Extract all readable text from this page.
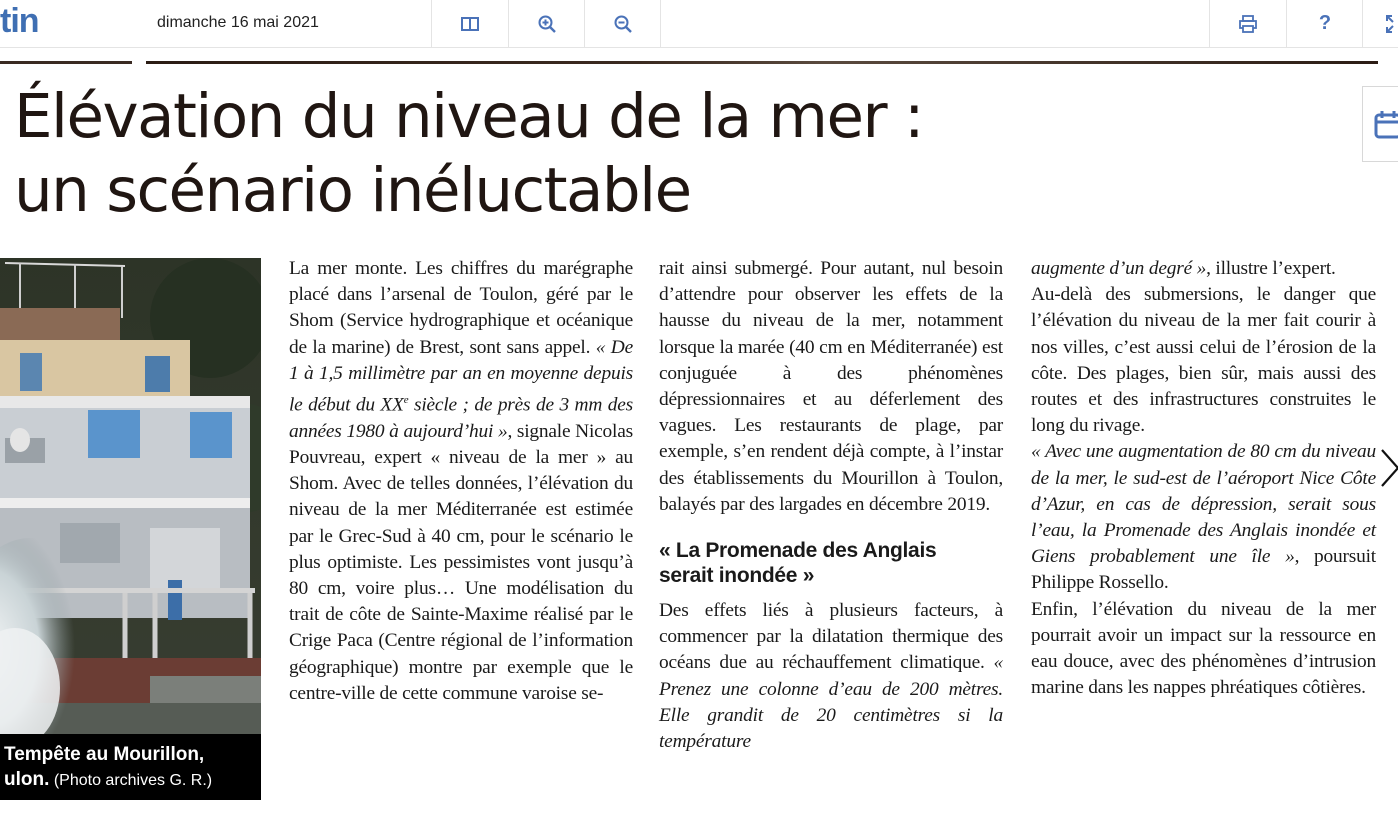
tin	dimanche 16 mai 2021	?
Élévation du niveau de la mer :
un scénario inéluctable
Tempête au Mourillon,
ulon. (Photo archives G. R.)

La mer monte. Les chiffres du marégraphe placé dans l’arsenal de Toulon, géré par le Shom (Service hydrographique et océanique de la marine) de Brest, sont sans appel. « De 1 à 1,5 millimètre par an en moyenne depuis le début du XXe siècle ; de près de 3 mm des années 1980 à aujourd’hui », signale Nicolas Pouvreau, expert « niveau de la mer » au Shom. Avec de telles données, l’élévation du niveau de la mer Méditerranée est estimée par le Grec-Sud à 40 cm, pour le scénario le plus optimiste. Les pessimistes vont jusqu’à 80 cm, voire plus… Une modélisation du trait de côte de Sainte-Maxime réalisé par le Crige Paca (Centre régional de l’information géographique) montre par exemple que le centre-ville de cette commune varoise se-

rait ainsi submergé. Pour autant, nul besoin d’attendre pour observer les effets de la hausse du niveau de la mer, notamment lorsque la marée (40 cm en Méditerranée) est conjuguée à des phénomènes dépressionnaires et au déferlement des vagues. Les restaurants de plage, par exemple, s’en rendent déjà compte, à l’instar des établissements du Mourillon à Toulon, balayés par des largades en décembre 2019.

« La Promenade des Anglais
serait inondée »

Des effets liés à plusieurs facteurs, à commencer par la dilatation thermique des océans due au réchauffement climatique. « Prenez une colonne d’eau de 200 mètres. Elle grandit de 20 centimètres si la température

augmente d’un degré », illustre l’expert.

Au-delà des submersions, le danger que l’élévation du niveau de la mer fait courir à nos villes, c’est aussi celui de l’érosion de la côte. Des plages, bien sûr, mais aussi des routes et des infrastructures construites le long du rivage.

« Avec une augmentation de 80 cm du niveau de la mer, le sud-est de l’aéroport Nice Côte d’Azur, en cas de dépression, serait sous l’eau, la Promenade des Anglais inondée et Giens probablement une île », poursuit Philippe Rossello.

Enfin, l’élévation du niveau de la mer pourrait avoir un impact sur la ressource en eau douce, avec des phénomènes d’intrusion marine dans les nappes phréatiques côtières.
